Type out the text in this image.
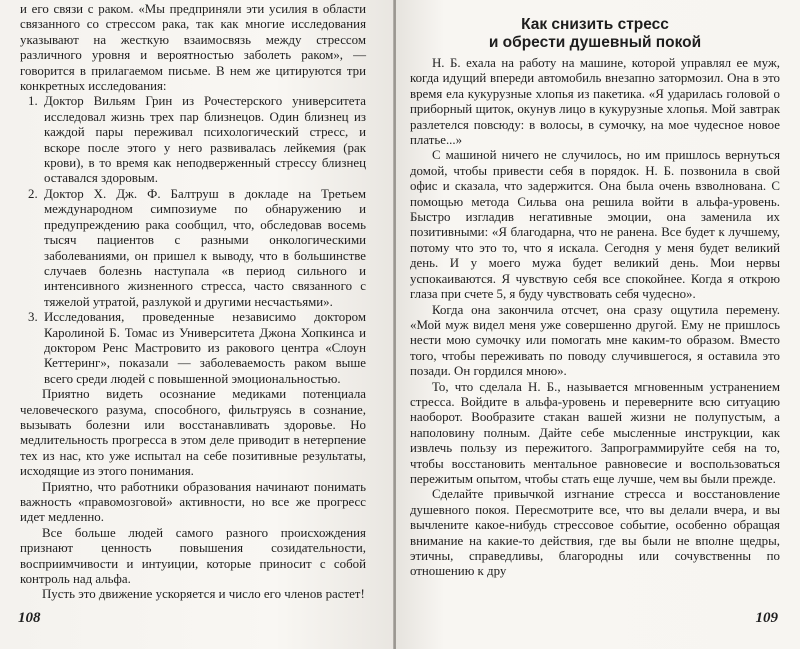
и его связи с раком. «Мы предприняли эти усилия в области связанного со стрессом рака, так как многие исследования указывают на жесткую взаимосвязь между стрессом различного уровня и вероятностью заболеть раком», — говорится в прилагаемом письме. В нем же цитируются три конкретных исследования:

1. Доктор Вильям Грин из Рочестерского университета исследовал жизнь трех пар близнецов. Один близнец из каждой пары переживал психологический стресс, и вскоре после этого у него развивалась лейкемия (рак крови), в то время как неподверженный стрессу близнец оставался здоровым.
2. Доктор Х. Дж. Ф. Балтруш в докладе на Третьем международном симпозиуме по обнаружению и предупреждению рака сообщил, что, обследовав восемь тысяч пациентов с разными онкологическими заболеваниями, он пришел к выводу, что в большинстве случаев болезнь наступала «в период сильного и интенсивного жизненного стресса, часто связанного с тяжелой утратой, разлукой и другими несчастьями».
3. Исследования, проведенные независимо доктором Каролиной Б. Томас из Университета Джона Хопкинса и доктором Ренс Мастровито из ракового центра «Слоун Кеттеринг», показали — заболеваемость раком выше всего среди людей с повышенной эмоциональностью.

Приятно видеть осознание медиками потенциала человеческого разума, способного, фильтруясь в сознание, вызывать болезни или восстанавливать здоровье. Но медлительность прогресса в этом деле приводит в нетерпение тех из нас, кто уже испытал на себе позитивные результаты, исходящие из этого понимания.

Приятно, что работники образования начинают понимать важность «правомозговой» активности, но все же прогресс идет медленно.

Все больше людей самого разного происхождения признают ценность повышения созидательности, восприимчивости и интуиции, которые приносит с собой контроль над альфа.

Пусть это движение ускоряется и число его членов растет!

108
Как снизить стресс
и обрести душевный покой

Н. Б. ехала на работу на машине, которой управлял ее муж, когда идущий впереди автомобиль внезапно затормозил. Она в это время ела кукурузные хлопья из пакетика. «Я ударилась головой о приборный щиток, окунув лицо в кукурузные хлопья. Мой завтрак разлетелся повсюду: в волосы, в сумочку, на мое чудесное новое платье...»

С машиной ничего не случилось, но им пришлось вернуться домой, чтобы привести себя в порядок. Н. Б. позвонила в свой офис и сказала, что задержится. Она была очень взволнована. С помощью метода Сильва она решила войти в альфа-уровень. Быстро изгладив негативные эмоции, она заменила их позитивными: «Я благодарна, что не ранена. Все будет к лучшему, потому что это то, что я искала. Сегодня у меня будет великий день. И у моего мужа будет великий день. Мои нервы успокаиваются. Я чувствую себя все спокойнее. Когда я открою глаза при счете 5, я буду чувствовать себя чудесно».

Когда она закончила отсчет, она сразу ощутила перемену. «Мой муж видел меня уже совершенно другой. Ему не пришлось нести мою сумочку или помогать мне каким-то образом. Вместо того, чтобы переживать по поводу случившегося, я оставила это позади. Он гордился мною».

То, что сделала Н. Б., называется мгновенным устранением стресса. Войдите в альфа-уровень и переверните всю ситуацию наоборот. Вообразите стакан вашей жизни не полупустым, а наполовину полным. Дайте себе мысленные инструкции, как извлечь пользу из пережитого. Запрограммируйте себя на то, чтобы восстановить ментальное равновесие и воспользоваться пережитым опытом, чтобы стать еще лучше, чем вы были прежде.

Сделайте привычкой изгнание стресса и восстановление душевного покоя. Пересмотрите все, что вы делали вчера, и вы вычлените какое-нибудь стрессовое событие, особенно обращая внимание на какие-то действия, где вы были не вполне щедры, этичны, справедливы, благородны или сочувственны по отношению к дру

109
